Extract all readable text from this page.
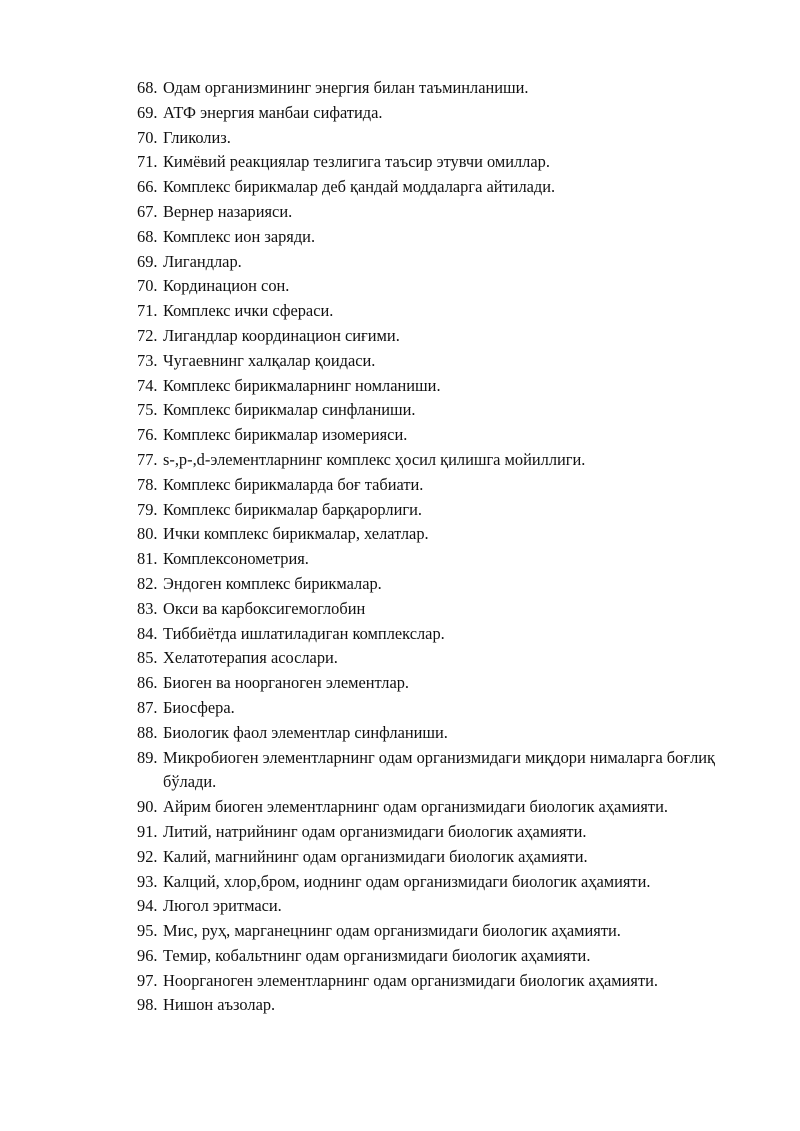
68. Одам организмининг энергия билан таъминланиши.
69. АТФ энергия манбаи сифатида.
70. Гликолиз.
71. Кимёвий реакциялар тезлигига таъсир этувчи омиллар.
66. Комплекс бирикмалар деб қандай моддаларга айтилади.
67. Вернер назарияси.
68. Комплекс ион заряди.
69. Лигандлар.
70. Кординацион сон.
71. Комплекс ички сфераси.
72. Лигандлар координацион сиғими.
73. Чугаевнинг халқалар қоидаси.
74. Комплекс бирикмаларнинг номланиши.
75. Комплекс бирикмалар синфланиши.
76. Комплекс бирикмалар изомерияси.
77. s-,p-,d-элементларнинг комплекс ҳосил қилишга мойиллиги.
78. Комплекс бирикмаларда боғ табиати.
79. Комплекс бирикмалар барқарорлиги.
80. Ички комплекс бирикмалар, хелатлар.
81. Комплексонометрия.
82. Эндоген комплекс бирикмалар.
83. Окси ва карбоксигемоглобин
84. Тиббиётда ишлатиладиган комплекслар.
85. Хелатотерапия асослари.
86. Биоген ва ноорганоген элементлар.
87. Биосфера.
88. Биологик фаол элементлар синфланиши.
89. Микробиоген элементларнинг одам организмидаги миқдори нималарга боғлиқ бўлади.
90. Айрим биоген элементларнинг одам организмидаги биологик аҳамияти.
91. Литий, натрийнинг одам организмидаги биологик аҳамияти.
92. Калий, магнийнинг одам организмидаги биологик аҳамияти.
93. Калций, хлор,бром, иоднинг одам организмидаги биологик аҳамияти.
94. Люгол эритмаси.
95. Мис, руҳ, марганецнинг одам организмидаги биологик аҳамияти.
96. Темир, кобальтнинг одам организмидаги биологик аҳамияти.
97. Ноорганоген элементларнинг одам организмидаги биологик аҳамияти.
98. Нишон аъзолар.
